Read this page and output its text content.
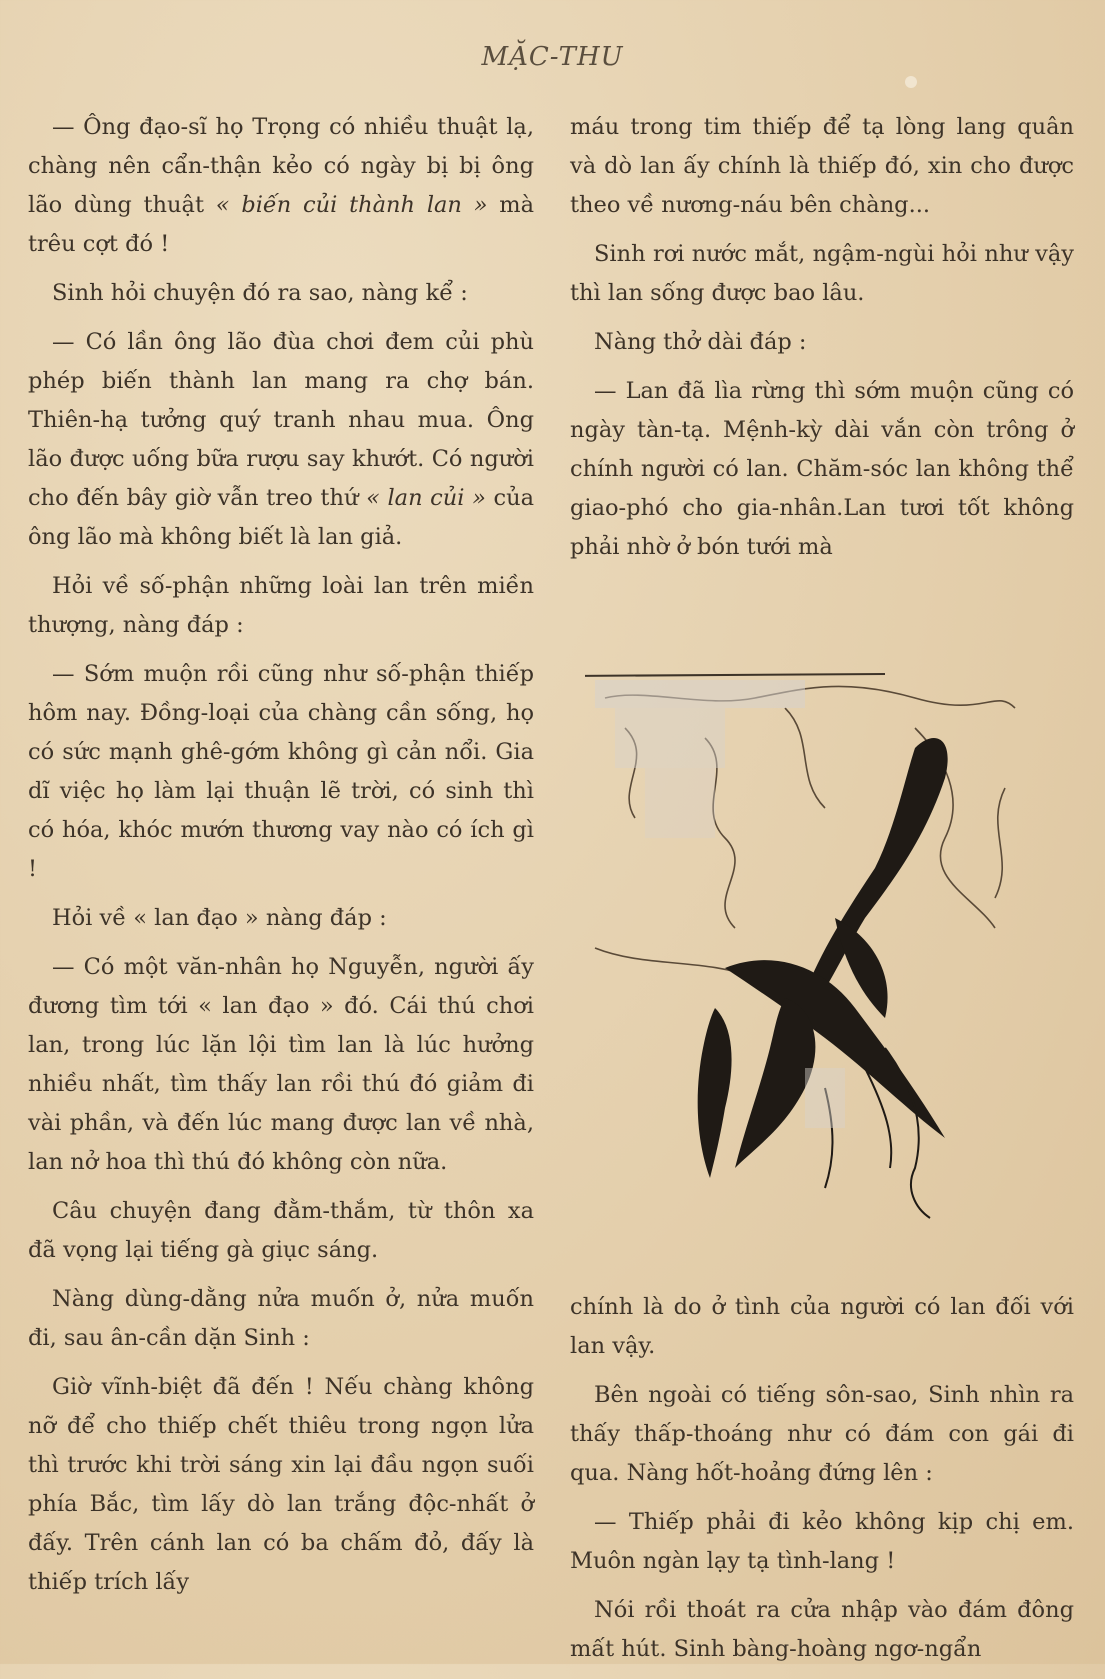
MẶC-THU

— Ông đạo-sĩ họ Trọng có nhiều thuật lạ, chàng nên cẩn-thận kẻo có ngày bị bị ông lão dùng thuật « biến củi thành lan » mà trêu cợt đó !

Sinh hỏi chuyện đó ra sao, nàng kể :

— Có lần ông lão đùa chơi đem củi phù phép biến thành lan mang ra chợ bán. Thiên-hạ tưởng quý tranh nhau mua. Ông lão được uống bữa rượu say khướt. Có người cho đến bây giờ vẫn treo thứ « lan củi » của ông lão mà không biết là lan giả.

Hỏi về số-phận những loài lan trên miền thượng, nàng đáp :

— Sớm muộn rồi cũng như số-phận thiếp hôm nay. Đồng-loại của chàng cần sống, họ có sức mạnh ghê-gớm không gì cản nổi. Gia dĩ việc họ làm lại thuận lẽ trời, có sinh thì có hóa, khóc mướn thương vay nào có ích gì !

Hỏi về « lan đạo » nàng đáp :

— Có một văn-nhân họ Nguyễn, người ấy đương tìm tới « lan đạo » đó. Cái thú chơi lan, trong lúc lặn lội tìm lan là lúc hưởng nhiều nhất, tìm thấy lan rồi thú đó giảm đi vài phần, và đến lúc mang được lan về nhà, lan nở hoa thì thú đó không còn nữa.

Câu chuyện đang đằm-thắm, từ thôn xa đã vọng lại tiếng gà giục sáng.

Nàng dùng-dằng nửa muốn ở, nửa muốn đi, sau ân-cần dặn Sinh :

Giờ vĩnh-biệt đã đến ! Nếu chàng không nỡ để cho thiếp chết thiêu trong ngọn lửa thì trước khi trời sáng xin lại đầu ngọn suối phía Bắc, tìm lấy dò lan trắng độc-nhất ở đấy. Trên cánh lan có ba chấm đỏ, đấy là thiếp trích lấy

máu trong tim thiếp để tạ lòng lang quân và dò lan ấy chính là thiếp đó, xin cho được theo về nương-náu bên chàng...

Sinh rơi nước mắt, ngậm-ngùi hỏi như vậy thì lan sống được bao lâu.

Nàng thở dài đáp :

— Lan đã lìa rừng thì sớm muộn cũng có ngày tàn-tạ. Mệnh-kỳ dài vắn còn trông ở chính người có lan. Chăm-sóc lan không thể giao-phó cho gia-nhân.Lan tươi tốt không phải nhờ ở bón tưới mà

chính là do ở tình của người có lan đối với lan vậy.

Bên ngoài có tiếng sôn-sao, Sinh nhìn ra thấy thấp-thoáng như có đám con gái đi qua. Nàng hốt-hoảng đứng lên :

— Thiếp phải đi kẻo không kịp chị em. Muôn ngàn lạy tạ tình-lang !

Nói rồi thoát ra cửa nhập vào đám đông mất hút. Sinh bàng-hoàng ngơ-ngẩn
